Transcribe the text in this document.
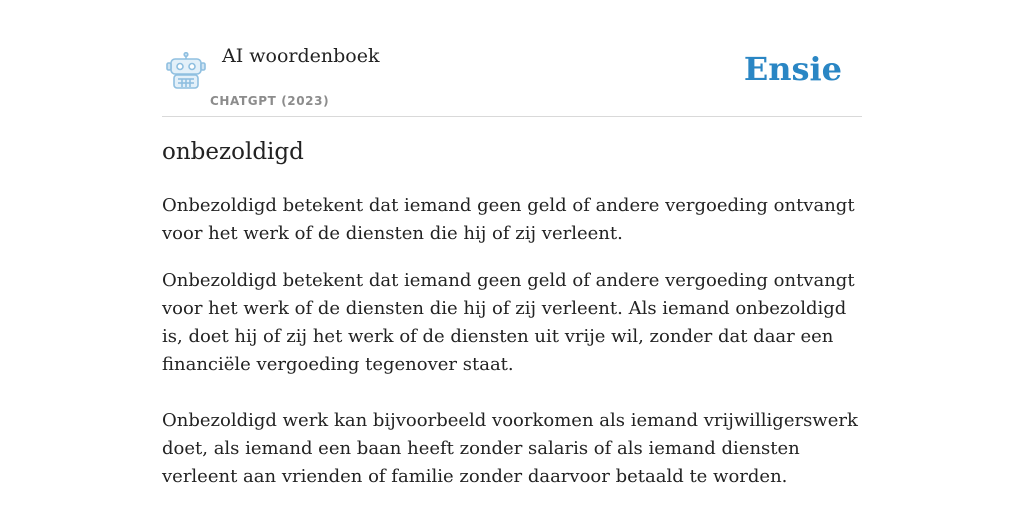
AI woordenboek
CHATGPT (2023)
Ensie
onbezoldigd

Onbezoldigd betekent dat iemand geen geld of andere vergoeding ontvangt voor het werk of de diensten die hij of zij verleent.

Onbezoldigd betekent dat iemand geen geld of andere vergoeding ontvangt voor het werk of de diensten die hij of zij verleent. Als iemand onbezoldigd is, doet hij of zij het werk of de diensten uit vrije wil, zonder dat daar een financiële vergoeding tegenover staat.

Onbezoldigd werk kan bijvoorbeeld voorkomen als iemand vrijwilligerswerk doet, als iemand een baan heeft zonder salaris of als iemand diensten verleent aan vrienden of familie zonder daarvoor betaald te worden.
